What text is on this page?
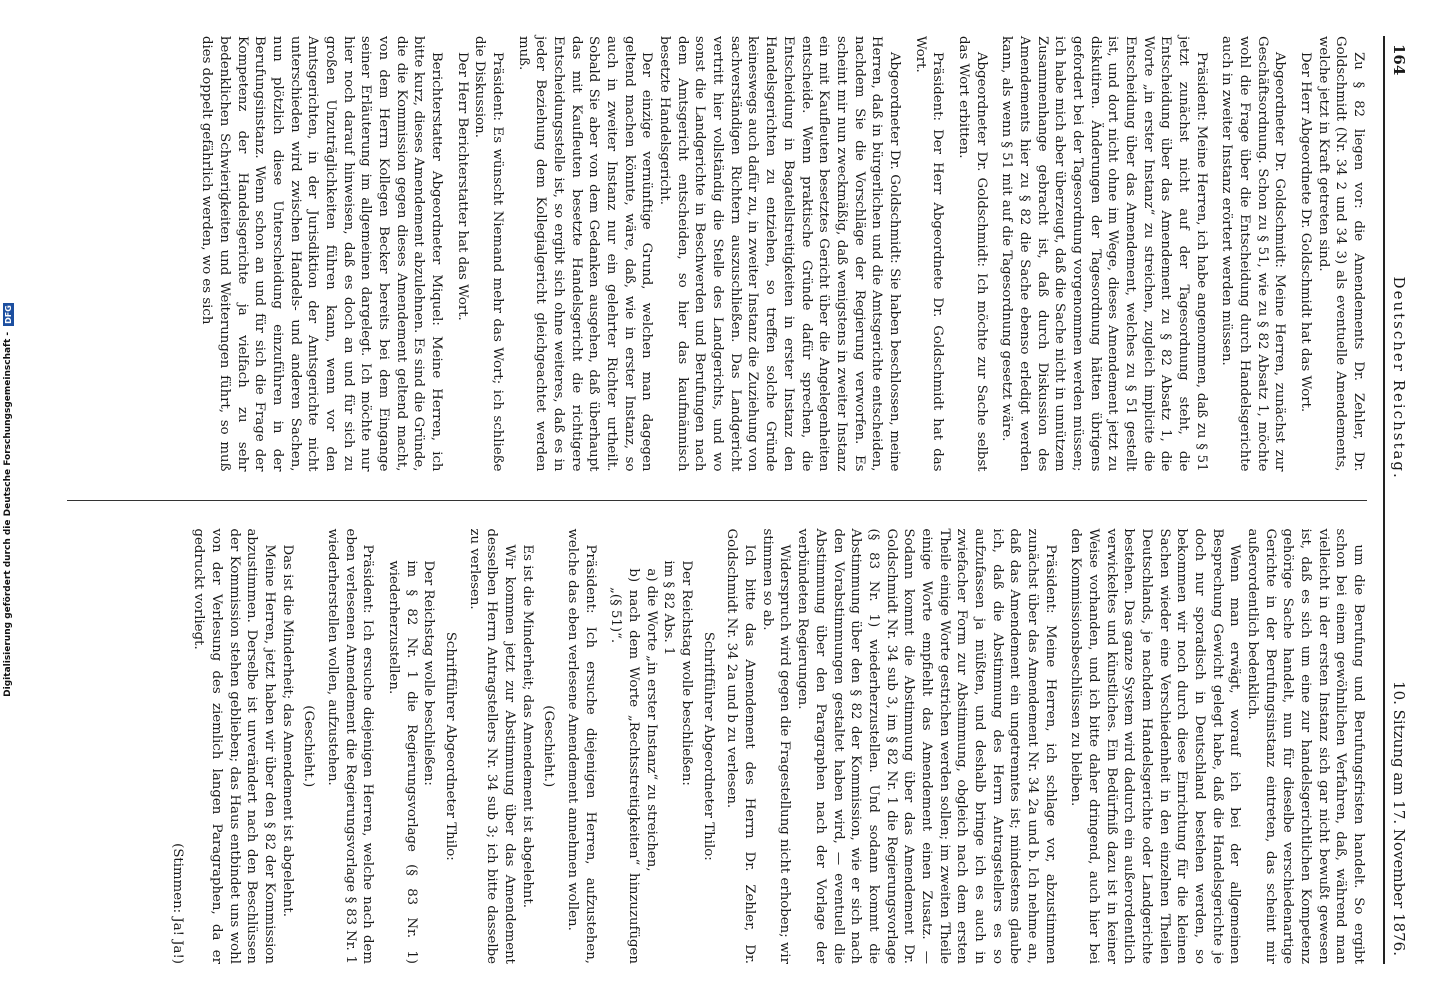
Digitalisierung gefördert durch die Deutsche Forschungsgemeinschaft -
DFG
164
Deutscher Reichstag.
10. Sitzung am 17. November 1876.

Zu § 82 liegen vor: die Amendements Dr. Zehler, Dr. Goldschmidt (Nr. 34 2 und 34 3) als eventuelle Amendements, welche jetzt in Kraft getreten sind.

Der Herr Abgeordnete Dr. Goldschmidt hat das Wort.

Abgeordneter Dr. Goldschmidt: Meine Herren, zunächst zur Geschäftsordnung. Schon zu § 51, wie zu § 82 Absatz 1, möchte wohl die Frage über die Entscheidung durch Handelsgerichte auch in zweiter Instanz erörtert werden müssen.

Präsident: Meine Herren, ich habe angenommen, daß zu § 51 jetzt zunächst nicht auf der Tagesordnung steht, die Entscheidung über das Amendement zu § 82 Absatz 1, die Worte „in erster Instanz“ zu streichen, zugleich implicite die Entscheidung über das Amendement, welches zu § 51 gestellt ist, und dort nicht ohne im Wege, dieses Amendement jetzt zu diskutiren. Änderungen der Tagesordnung hätten übrigens gefordert bei der Tagesordnung vorgenommen werden müssen; ich habe mich aber überzeugt, daß die Sache nicht in unnützem Zusammenhange gebracht ist, daß durch Diskussion des Amendements hier zu § 82 die Sache ebenso erledigt werden kann, als wenn § 51 mit auf die Tagesordnung gesetzt wäre.

Abgeordneter Dr. Goldschmidt: Ich möchte zur Sache selbst das Wort erbitten.

Präsident: Der Herr Abgeordnete Dr. Goldschmidt hat das Wort.

Abgeordneter Dr. Goldschmidt: Sie haben beschlossen, meine Herren, daß in bürgerlichen und die Amtsgerichte entscheiden, nachdem Sie die Vorschläge der Regierung verworfen. Es scheint mir nun zweckmäßig, daß wenigstens in zweiter Instanz ein mit Kaufleuten besetztes Gericht über die Angelegenheiten entscheide. Wenn praktische Gründe dafür sprechen, die Entscheidung in Bagatellstreitigkeiten in erster Instanz den Handelsgerichten zu entziehen, so treffen solche Gründe keineswegs auch dafür zu, in zweiter Instanz die Zuziehung von sachverständigen Richtern auszuschließen. Das Landgericht vertritt hier vollständig die Stelle des Landgerichts, und wo sonst die Landgerichte in Beschwerden und Berufungen nach dem Amtsgericht entscheiden, so hier das kaufmännisch besetzte Handelsgericht.

Der einzige vernünftige Grund, welchen man dagegen geltend machen könnte, wäre, daß, wie in erster Instanz, so auch in zweiter Instanz nur ein gelehrter Richter urtheilt. Sobald Sie aber von dem Gedanken ausgehen, daß überhaupt das mit Kaufleuten besetzte Handelsgericht die richtigere Entscheidungsstelle ist, so ergibt sich ohne weiteres, daß es in jeder Beziehung dem Kollegialgericht gleichgeachtet werden muß.

Präsident: Es wünscht Niemand mehr das Wort; ich schließe die Diskussion.

Der Herr Berichterstatter hat das Wort.

Berichterstatter Abgeordneter Miquel: Meine Herren, ich bitte kurz, dieses Amendement abzulehnen. Es sind die Gründe, die die Kommission gegen dieses Amendement geltend macht, von dem Herrn Kollegen Becker bereits bei dem Eingange seiner Erläuterung im allgemeinen dargelegt. Ich möchte nur hier noch darauf hinweisen, daß es doch an und für sich zu großen Unzuträglichkeiten führen kann, wenn vor den Amtsgerichten, in der Jurisdiktion der Amtsgerichte nicht unterschieden wird zwischen Handels- und anderen Sachen, nun plötzlich diese Unterscheidung einzuführen in der Berufungsinstanz. Wenn schon an und für sich die Frage der Kompetenz der Handelsgerichte ja vielfach zu sehr bedenklichen Schwierigkeiten und Weiterungen führt, so muß dies doppelt gefährlich werden, wo es sich

um die Berufung und Berufungsfristen handelt. So ergibt schon bei einem gewöhnlichen Verfahren, daß, während man vielleicht in der ersten Instanz sich gar nicht bewußt gewesen ist, daß es sich um eine zur handelsgerichtlichen Kompetenz gehörige Sache handelt, nun für dieselbe verschiedenartige Gerichte in der Berufungsinstanz eintreten, das scheint mir außerordentlich bedenklich.

Wenn man erwägt, worauf ich bei der allgemeinen Besprechung Gewicht gelegt habe, daß die Handelsgerichte je doch nur sporadisch in Deutschland bestehen werden, so bekommen wir noch durch diese Einrichtung für die kleinen Sachen wieder eine Verschiedenheit in den einzelnen Theilen Deutschlands, je nachdem Handelsgerichte oder Landgerichte bestehen. Das ganze System wird dadurch ein außerordentlich verwickeltes und künstliches. Ein Bedürfniß dazu ist in keiner Weise vorhanden, und ich bitte daher dringend, auch hier bei den Kommissionsbeschlüssen zu bleiben.

Präsident: Meine Herren, ich schlage vor, abzustimmen zunächst über das Amendement Nr. 34 2a und b. Ich nehme an, daß das Amendement ein ungetrenntes ist; mindestens glaube ich, daß die Abstimmung des Herrn Antragstellers es so aufzufassen ja müßten, und deshalb bringe ich es auch in zwiefacher Form zur Abstimmung, obgleich nach dem ersten Theile einige Worte gestrichen werden sollen; im zweiten Theile einige Worte empfiehlt das Amendement einen Zusatz. — Sodann kommt die Abstimmung über das Amendement Dr. Goldschmidt Nr. 34 sub 3, im § 82 Nr. 1 die Regierungsvorlage (§ 83 Nr. 1) wiederherzustellen. Und sodann kommt die Abstimmung über den § 82 der Kommission, wie er sich nach den Vorabstimmungen gestaltet haben wird, — eventuell die Abstimmung über den Paragraphen nach der Vorlage der verbündeten Regierungen.

Widerspruch wird gegen die Fragestellung nicht erhoben; wir stimmen so ab.

Ich bitte das Amendement des Herrn Dr. Zehler, Dr. Goldschmidt Nr. 34 2a und b zu verlesen.

Schriftführer Abgeordneter Thilo:

Der Reichstag wolle beschließen:

im § 82 Abs. 1

a) die Worte „in erster Instanz“ zu streichen,

b) nach dem Worte „Rechtsstreitigkeiten“ hinzuzufügen „(§ 51)“.

Präsident: Ich ersuche diejenigen Herren, aufzustehen, welche das eben verlesene Amendement annehmen wollen.

(Geschieht.)

Es ist die Minderheit; das Amendement ist abgelehnt.

Wir kommen jetzt zur Abstimmung über das Amendement desselben Herrn Antragstellers Nr. 34 sub 3; ich bitte dasselbe zu verlesen.

Schriftführer Abgeordneter Thilo:

Der Reichstag wolle beschließen:

im § 82 Nr. 1 die Regierungsvorlage (§ 83 Nr. 1) wiederherzustellen.

Präsident: Ich ersuche diejenigen Herren, welche nach dem eben verlesenen Amendement die Regierungsvorlage § 83 Nr. 1 wiederherstellen wollen, aufzustehen.

(Geschieht.)

Das ist die Minderheit; das Amendement ist abgelehnt.

Meine Herren, jetzt haben wir über den § 82 der Kommission abzustimmen. Derselbe ist unverändert nach den Beschlüssen der Kommission stehen geblieben; das Haus entbindet uns wohl von der Verlesung des ziemlich langen Paragraphen, da er gedruckt vorliegt.

(Stimmen: Ja! Ja!)
